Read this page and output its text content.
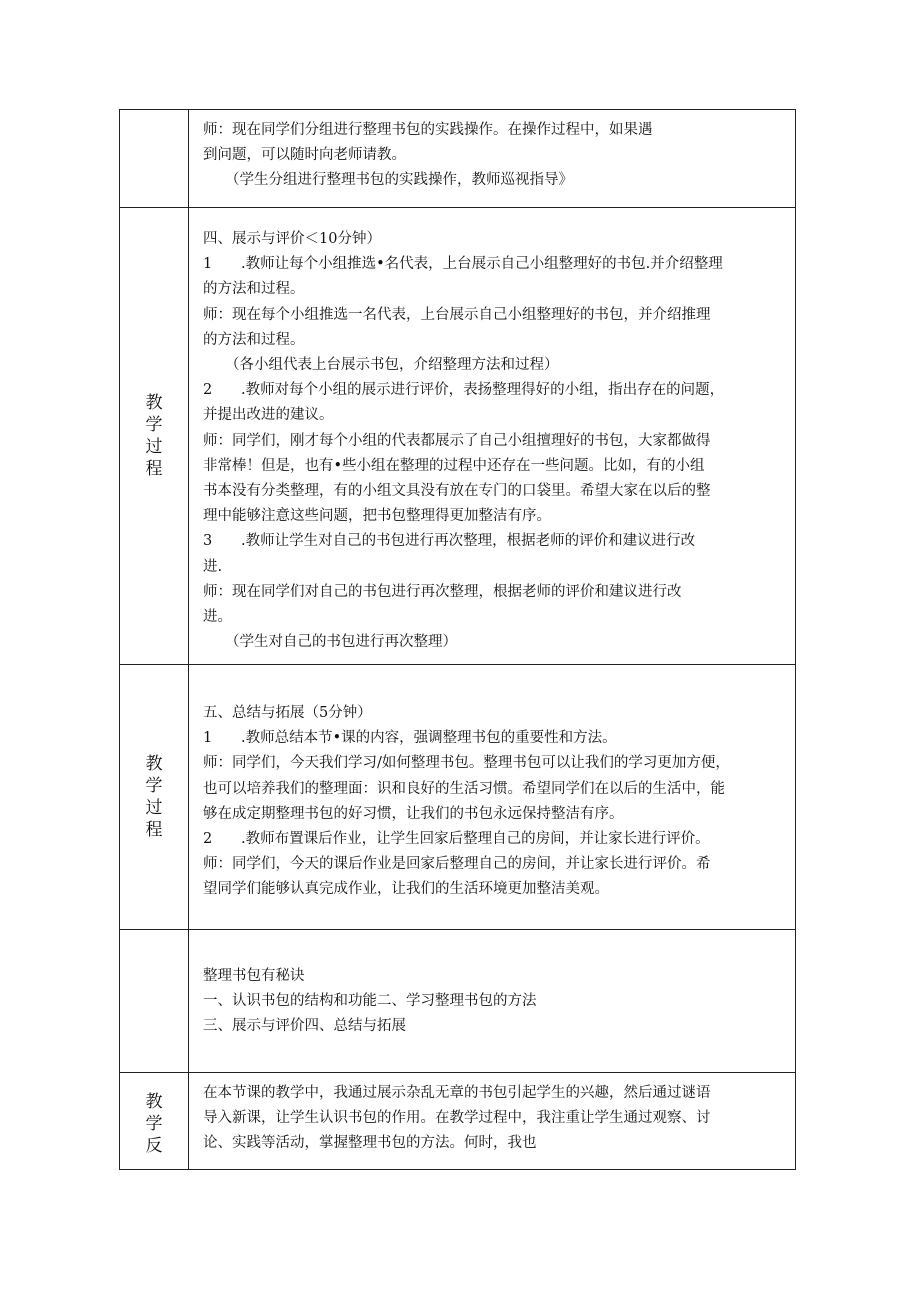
师：现在同学们分组进行整理书包的实践操作。在操作过程中，如果遇

到问题，可以随时向老师请教。

（学生分组进行整理书包的实践操作，教师巡视指导》

教学过程

四、展示与评价＜10分钟）

1 .教师让每个小组推选•名代表，上台展示自己小组整理好的书包.并介绍整理

的方法和过程。

师：现在每个小组推选一名代表，上台展示自己小组整理好的书包，并介绍推理

的方法和过程。

（各小组代表上台展示书包，介绍整理方法和过程）

2 .教师对每个小组的展示进行评价，表扬整理得好的小组，指出存在的问题，

并提出改进的建议。

师：同学们，刚才每个小组的代表都展示了自己小组擅理好的书包，大家都做得

非常棒！但是，也有•些小组在整理的过程中还存在一些问题。比如，有的小组

书本没有分类整理，有的小组文具没有放在专门的口袋里。希望大家在以后的整

理中能够注意这些问题，把书包整理得更加整洁有序。

3 .教师让学生对自己的书包进行再次整理，根据老师的评价和建议进行改

进.

师：现在同学们对自己的书包进行再次整理，根据老师的评价和建议进行改

进。

（学生对自己的书包进行再次整理）

教学过程

五、总结与拓展（5分钟）

1 .教师总结本节•课的内容，强调整理书包的重要性和方法。

师：同学们，今天我们学习/如何整理书包。整理书包可以让我们的学习更加方便，

也可以培养我们的整理面：识和良好的生活习惯。希望同学们在以后的生活中，能

够在成定期整理书包的好习惯，让我们的书包永远保持整洁有序。

2 .教师布置课后作业，让学生回家后整理自己的房间，并让家长进行评价。

师：同学们，今天的课后作业是回家后整理自己的房间，并让家长进行评价。希

望同学们能够认真完成作业，让我们的生活环境更加整洁美观。

整理书包有秘诀

一、认识书包的结构和功能二、学习整理书包的方法

三、展示与评价四、总结与拓展

教学反

在本节课的教学中，我通过展示杂乱无章的书包引起学生的兴趣，然后通过谜语

导入新课，让学生认识书包的作用。在教学过程中，我注重让学生通过观察、讨

论、实践等活动，掌握整理书包的方法。何时，我也
